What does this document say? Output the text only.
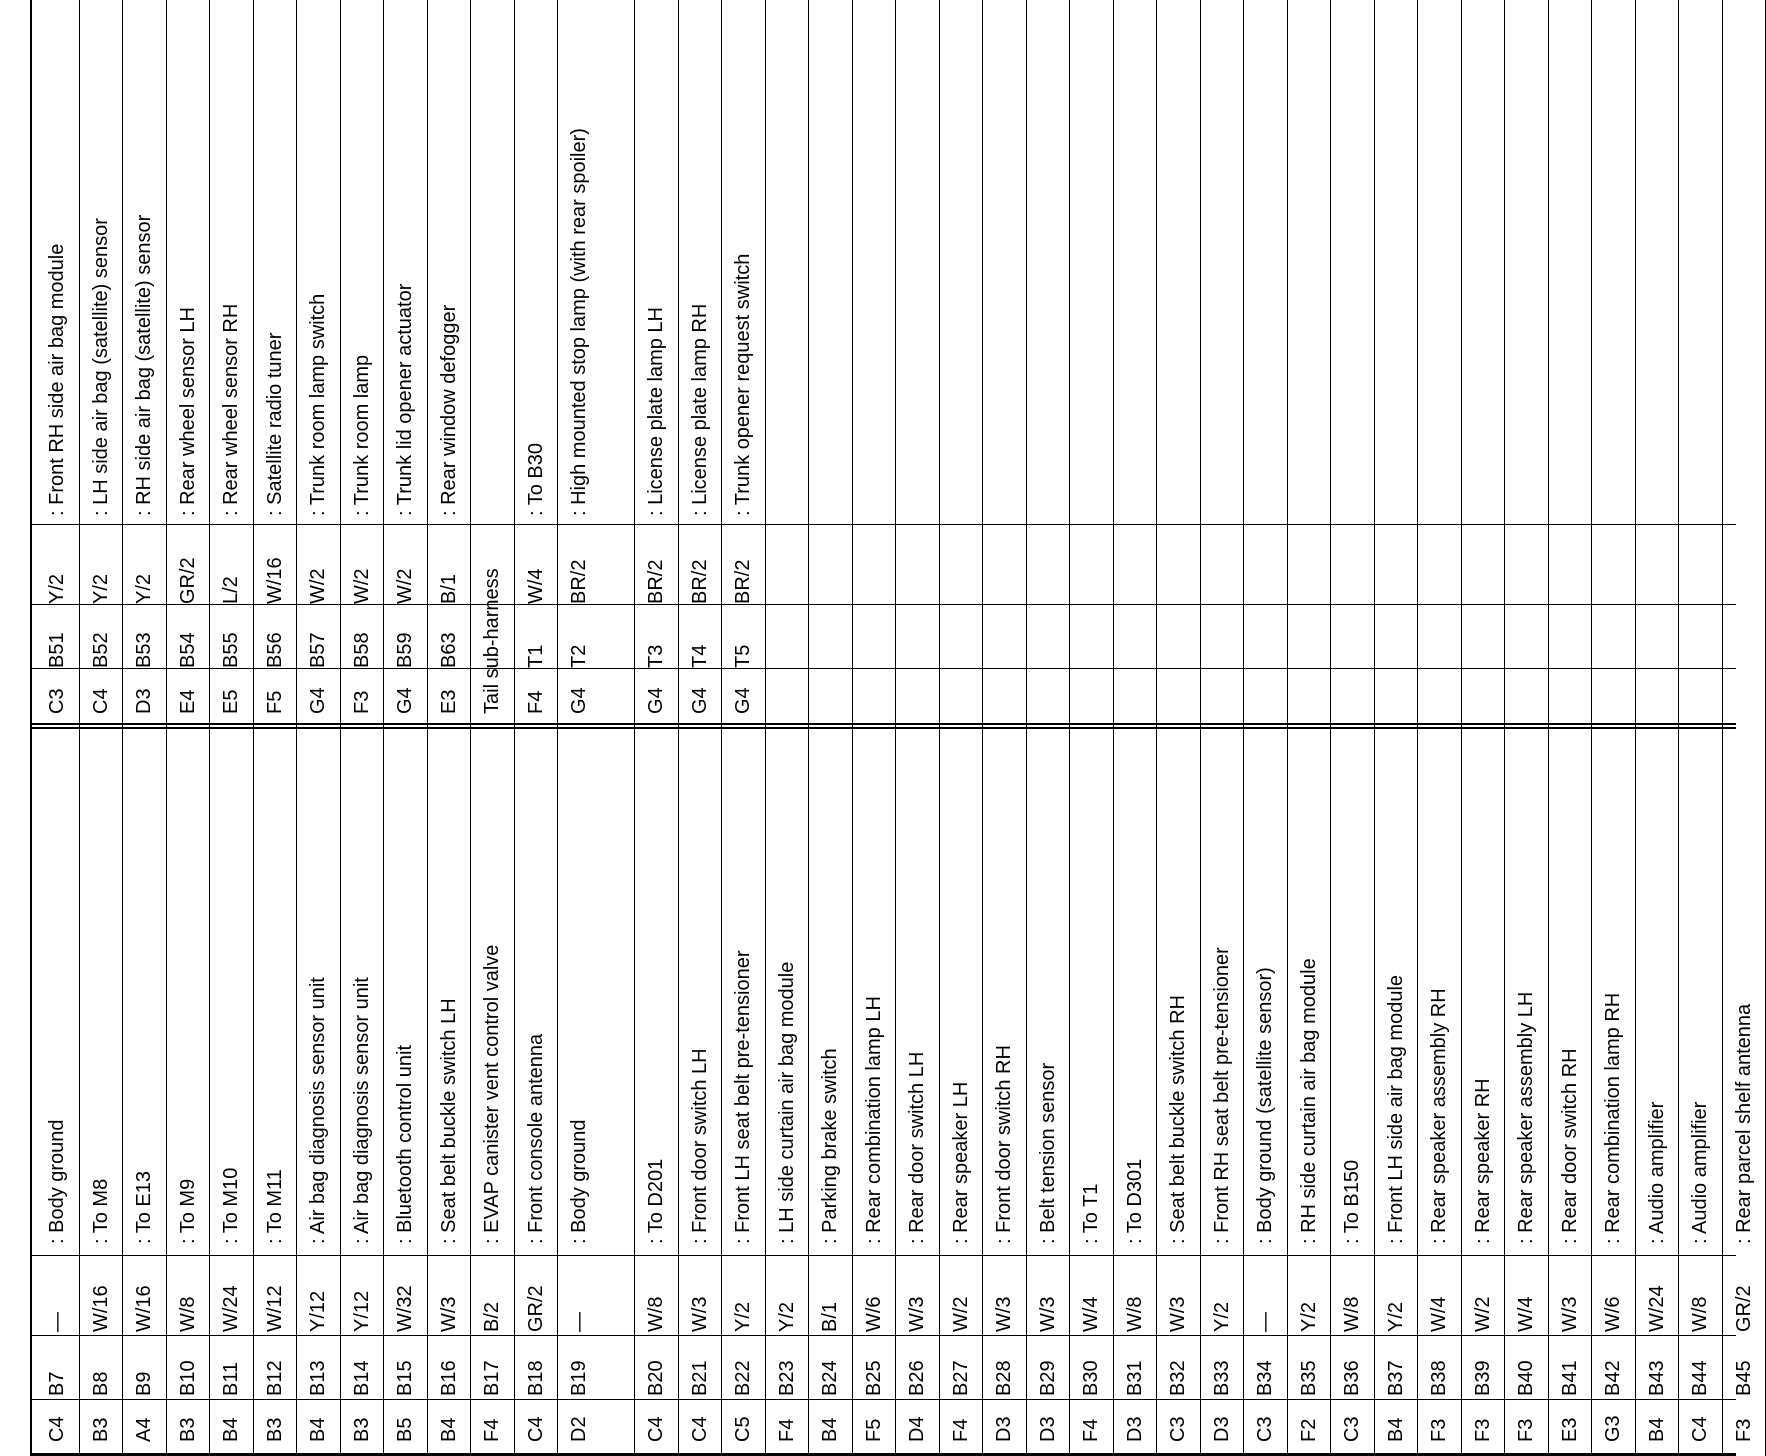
C4
B7
—
: Body ground
B3
B8
W/16
: To M8
A4
B9
W/16
: To E13
B3
B10
W/8
: To M9
B4
B11
W/24
: To M10
B3
B12
W/12
: To M11
B4
B13
Y/12
: Air bag diagnosis sensor unit
B3
B14
Y/12
: Air bag diagnosis sensor unit
B5
B15
W/32
: Bluetooth control unit
B4
B16
W/3
: Seat belt buckle switch LH
F4
B17
B/2
: EVAP canister vent control valve
C4
B18
GR/2
: Front console antenna
D2
B19
—
: Body ground
C4
B20
W/8
: To D201
C4
B21
W/3
: Front door switch LH
C5
B22
Y/2
: Front LH seat belt pre-tensioner
F4
B23
Y/2
: LH side curtain air bag module
B4
B24
B/1
: Parking brake switch
F5
B25
W/6
: Rear combination lamp LH
D4
B26
W/3
: Rear door switch LH
F4
B27
W/2
: Rear speaker LH
D3
B28
W/3
: Front door switch RH
D3
B29
W/3
: Belt tension sensor
F4
B30
W/4
: To T1
D3
B31
W/8
: To D301
C3
B32
W/3
: Seat belt buckle switch RH
D3
B33
Y/2
: Front RH seat belt pre-tensioner
C3
B34
—
: Body ground (satellite sensor)
F2
B35
Y/2
: RH side curtain air bag module
C3
B36
W/8
: To B150
B4
B37
Y/2
: Front LH side air bag module
F3
B38
W/4
: Rear speaker assembly RH
F3
B39
W/2
: Rear speaker RH
F3
B40
W/4
: Rear speaker assembly LH
E3
B41
W/3
: Rear door switch RH
G3
B42
W/6
: Rear combination lamp RH
B4
B43
W/24
: Audio amplifier
C4
B44
W/8
: Audio amplifier
F3
B45
GR/2
: Rear parcel shelf antenna
C3
B51
Y/2
: Front RH side air bag module
C4
B52
Y/2
: LH side air bag (satellite) sensor
D3
B53
Y/2
: RH side air bag (satellite) sensor
E4
B54
GR/2
: Rear wheel sensor LH
E5
B55
L/2
: Rear wheel sensor RH
F5
B56
W/16
: Satellite radio tuner
G4
B57
W/2
: Trunk room lamp switch
F3
B58
W/2
: Trunk room lamp
G4
B59
W/2
: Trunk lid opener actuator
E3
B63
B/1
: Rear window defogger
Tail sub-harness	F4
T1
W/4
: To B30
G4
T2
BR/2
: High mounted stop lamp (with rear spoiler)
G4
T3
BR/2
: License plate lamp LH
G4
T4
BR/2
: License plate lamp RH
G4
T5
BR/2
: Trunk opener request switch
